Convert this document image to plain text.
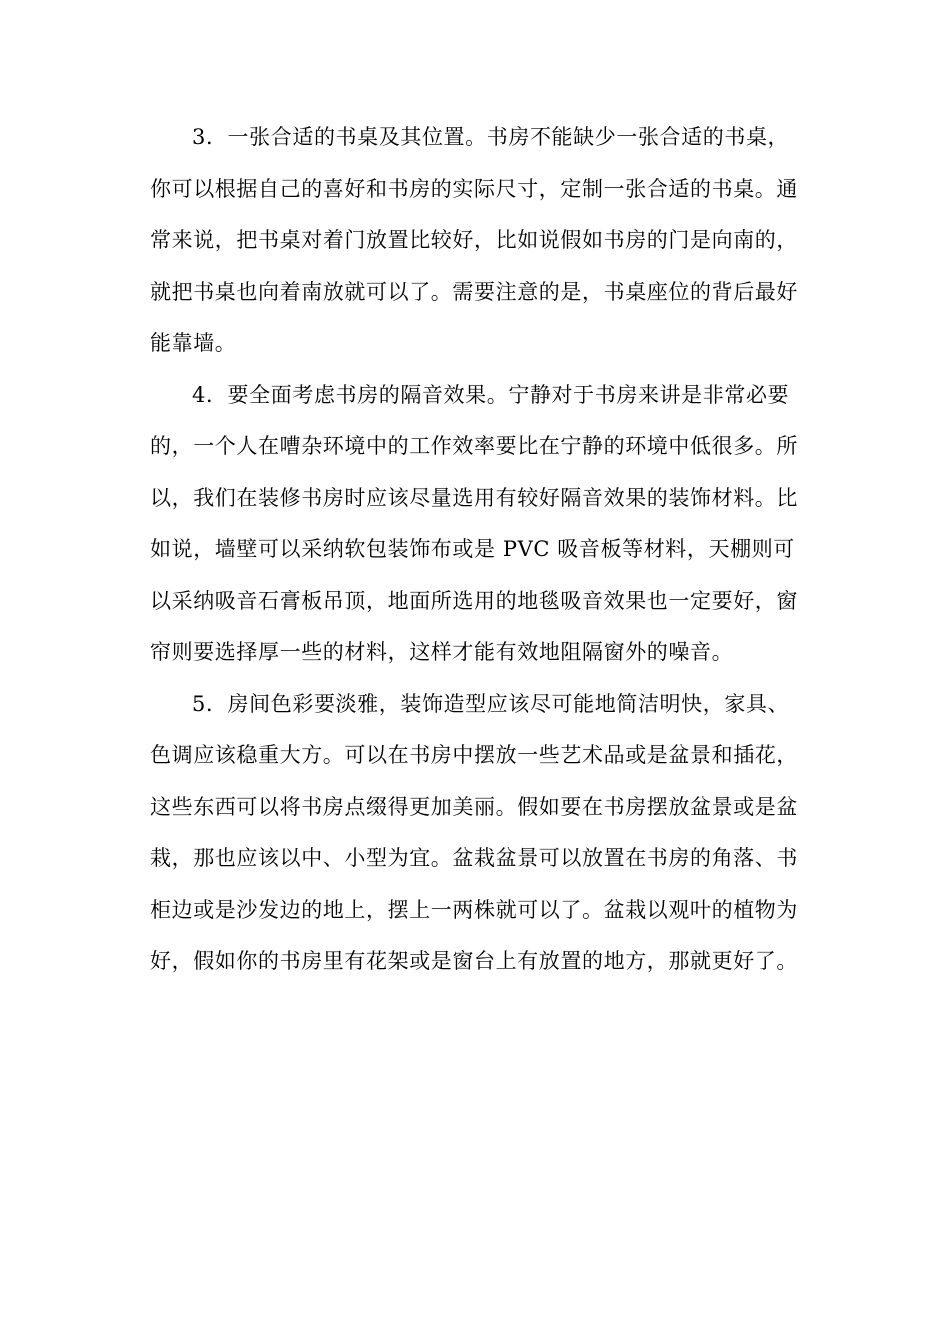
3．一张合适的书桌及其位置。书房不能缺少一张合适的书桌，你可以根据自己的喜好和书房的实际尺寸，定制一张合适的书桌。通常来说，把书桌对着门放置比较好，比如说假如书房的门是向南的，就把书桌也向着南放就可以了。需要注意的是，书桌座位的背后最好能靠墙。

4．要全面考虑书房的隔音效果。宁静对于书房来讲是非常必要的，一个人在嘈杂环境中的工作效率要比在宁静的环境中低很多。所以，我们在装修书房时应该尽量选用有较好隔音效果的装饰材料。比如说，墙壁可以采纳软包装饰布或是 PVC 吸音板等材料，天棚则可以采纳吸音石膏板吊顶，地面所选用的地毯吸音效果也一定要好，窗帘则要选择厚一些的材料，这样才能有效地阻隔窗外的噪音。

5．房间色彩要淡雅，装饰造型应该尽可能地简洁明快，家具、色调应该稳重大方。可以在书房中摆放一些艺术品或是盆景和插花，这些东西可以将书房点缀得更加美丽。假如要在书房摆放盆景或是盆栽，那也应该以中、小型为宜。盆栽盆景可以放置在书房的角落、书柜边或是沙发边的地上，摆上一两株就可以了。盆栽以观叶的植物为好，假如你的书房里有花架或是窗台上有放置的地方，那就更好了。
